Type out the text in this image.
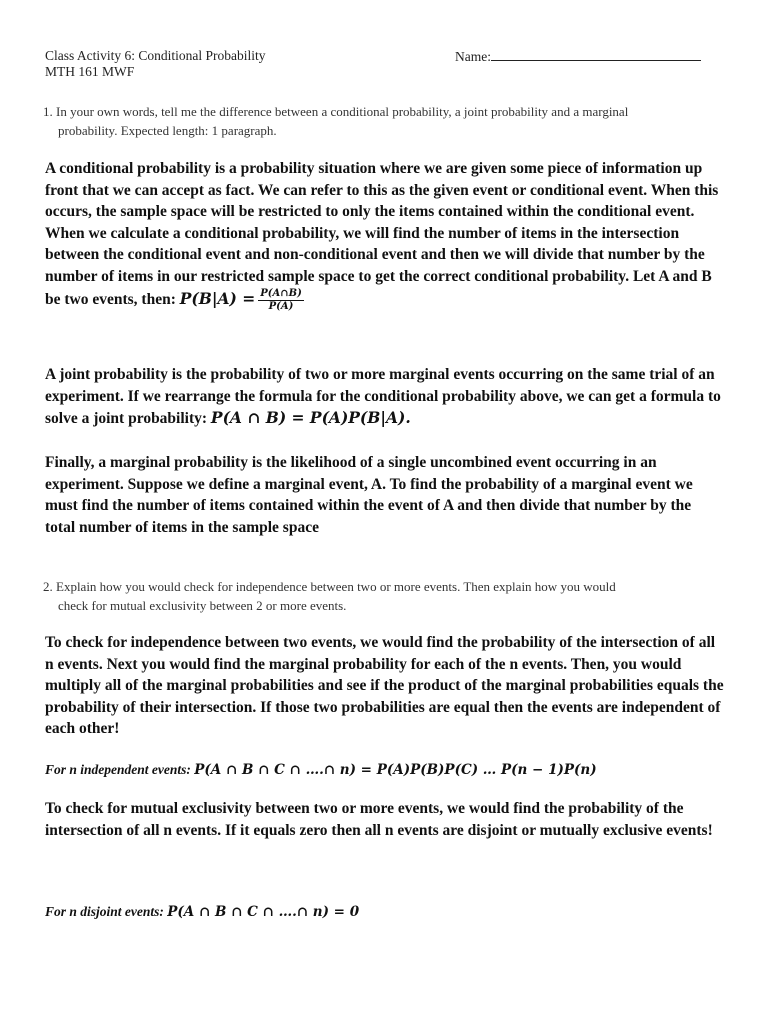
Class Activity 6: Conditional Probability
MTH 161 MWF
Name:
1. In your own words, tell me the difference between a conditional probability, a joint probability and a marginal
probability. Expected length: 1 paragraph.
A conditional probability is a probability situation where we are given some piece of information up front that we can accept as fact. We can refer to this as the given event or conditional event. When this occurs, the sample space will be restricted to only the items contained within the conditional event. When we calculate a conditional probability, we will find the number of items in the intersection between the conditional event and non-conditional event and then we will divide that number by the number of items in our restricted sample space to get the correct conditional probability. Let A and B be two events, then: $P(B|A) = \frac{P(A\cap B)}{P(A)}$
A joint probability is the probability of two or more marginal events occurring on the same trial of an experiment. If we rearrange the formula for the conditional probability above, we can get a formula to solve a joint probability: P(A ∩ B) = P(A)P(B|A).
Finally, a marginal probability is the likelihood of a single uncombined event occurring in an experiment. Suppose we define a marginal event, A. To find the probability of a marginal event we must find the number of items contained within the event of A and then divide that number by the total number of items in the sample space
2. Explain how you would check for independence between two or more events. Then explain how you would
check for mutual exclusivity between 2 or more events.
To check for independence between two events, we would find the probability of the intersection of all n events. Next you would find the marginal probability for each of the n events. Then, you would multiply all of the marginal probabilities and see if the product of the marginal probabilities equals the probability of their intersection. If those two probabilities are equal then the events are independent of each other!
For n independent events: P(A ∩ B ∩ C ∩ ….∩ n) = P(A)P(B)P(C) … P(n − 1)P(n)
To check for mutual exclusivity between two or more events, we would find the probability of the intersection of all n events. If it equals zero then all n events are disjoint or mutually exclusive events!
For n disjoint events: P(A ∩ B ∩ C ∩ ….∩ n) = 0
